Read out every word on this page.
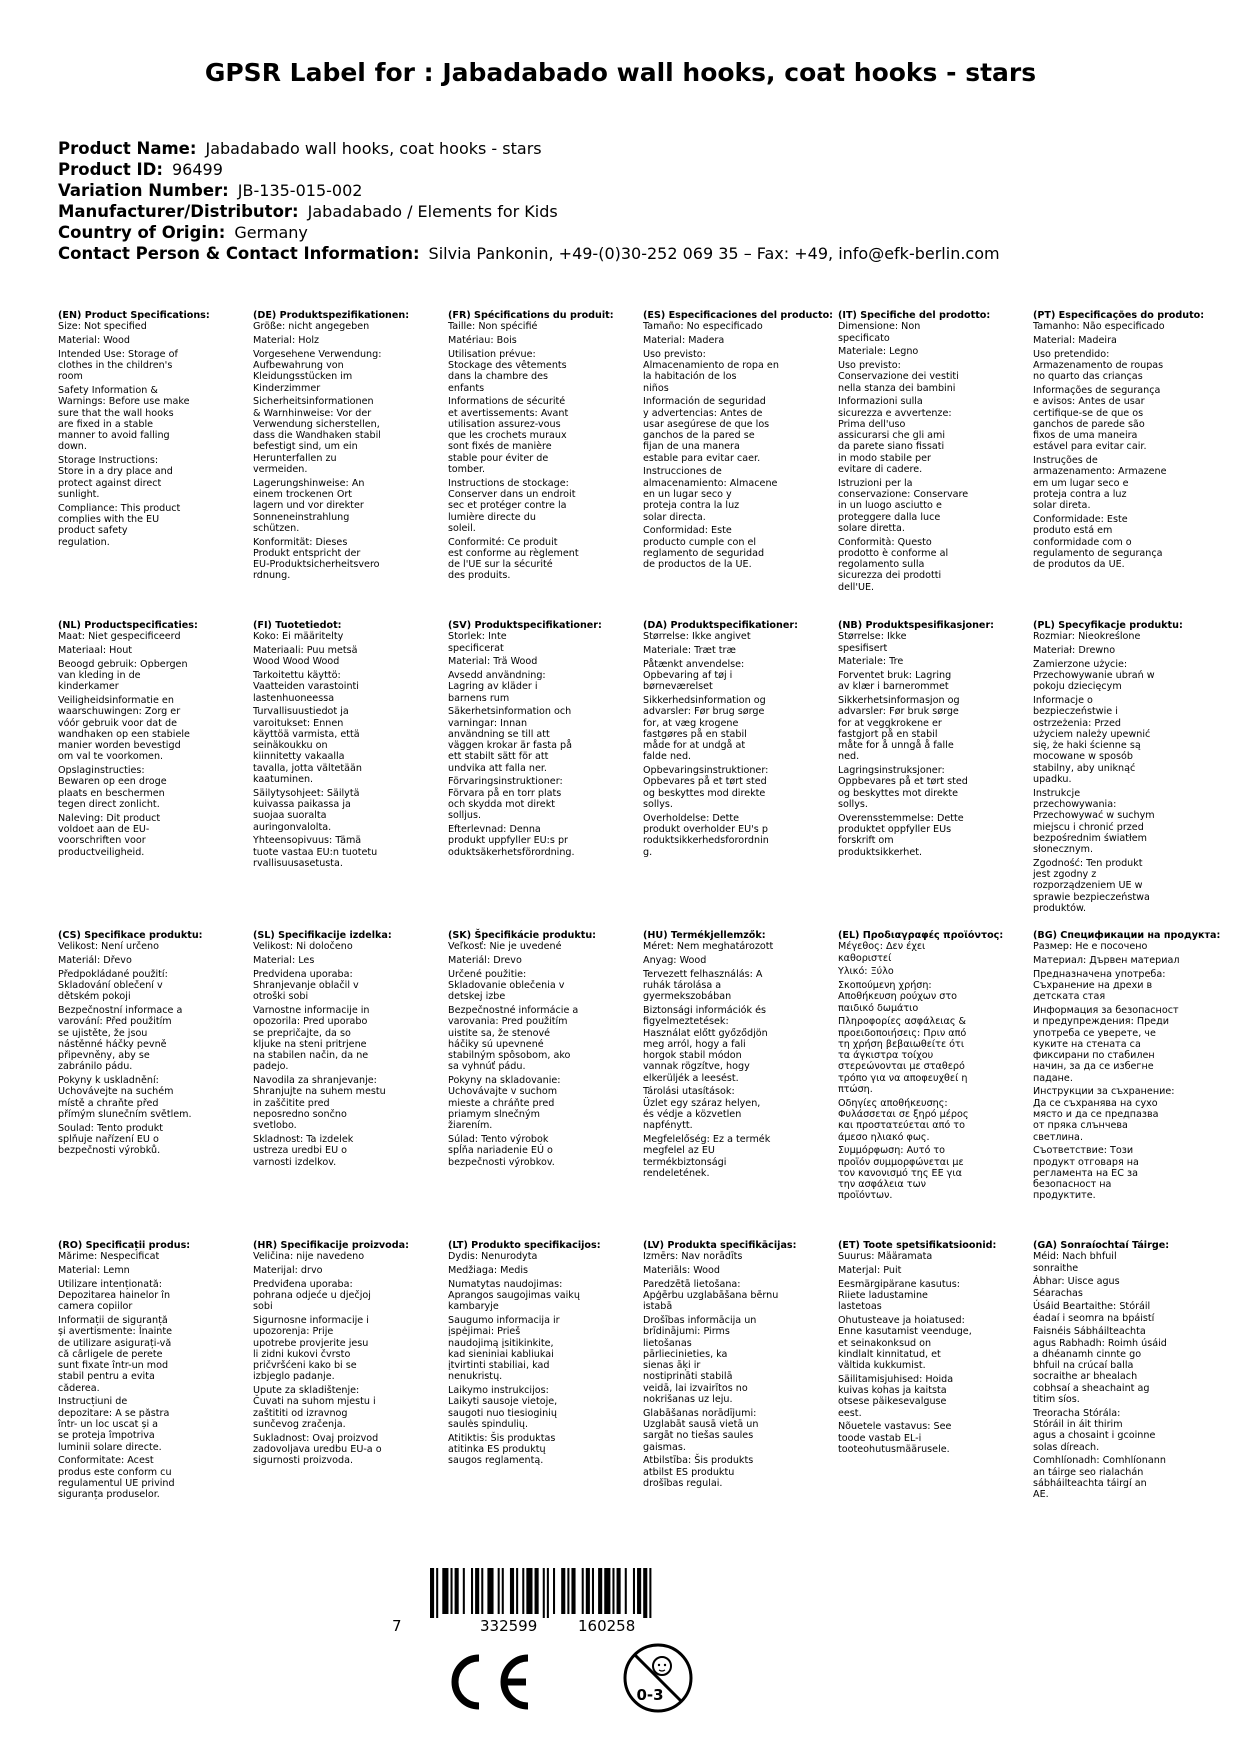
GPSR Label for : Jabadabado wall hooks, coat hooks - stars
Product Name: Jabadabado wall hooks, coat hooks - stars
Product ID: 96499
Variation Number: JB-135-015-002
Manufacturer/Distributor: Jabadabado / Elements for Kids
Country of Origin: Germany
Contact Person & Contact Information: Silvia Pankonin, +49-(0)30-252 069 35 – Fax: +49, info@efk-berlin.com
(EN) Product Specifications:
Size: Not specified
Material: Wood
Intended Use: Storage of
clothes in the children's
room
Safety Information &
Warnings: Before use make
sure that the wall hooks
are fixed in a stable
manner to avoid falling
down.
Storage Instructions:
Store in a dry place and
protect against direct
sunlight.
Compliance: This product
complies with the EU
product safety
regulation.
(DE) Produktspezifikationen:
Größe: nicht angegeben
Material: Holz
Vorgesehene Verwendung:
Aufbewahrung von
Kleidungsstücken im
Kinderzimmer
Sicherheitsinformationen
& Warnhinweise: Vor der
Verwendung sicherstellen,
dass die Wandhaken stabil
befestigt sind, um ein
Herunterfallen zu
vermeiden.
Lagerungshinweise: An
einem trockenen Ort
lagern und vor direkter
Sonneneinstrahlung
schützen.
Konformität: Dieses
Produkt entspricht der
EU-Produktsicherheitsvero
rdnung.
(FR) Spécifications du produit:
Taille: Non spécifié
Matériau: Bois
Utilisation prévue:
Stockage des vêtements
dans la chambre des
enfants
Informations de sécurité
et avertissements: Avant
utilisation assurez-vous
que les crochets muraux
sont fixés de manière
stable pour éviter de
tomber.
Instructions de stockage:
Conserver dans un endroit
sec et protéger contre la
lumière directe du
soleil.
Conformité: Ce produit
est conforme au règlement
de l'UE sur la sécurité
des produits.
(ES) Especificaciones del producto:
Tamaño: No especificado
Material: Madera
Uso previsto:
Almacenamiento de ropa en
la habitación de los
niños
Información de seguridad
y advertencias: Antes de
usar asegúrese de que los
ganchos de la pared se
fijan de una manera
estable para evitar caer.
Instrucciones de
almacenamiento: Almacene
en un lugar seco y
proteja contra la luz
solar directa.
Conformidad: Este
producto cumple con el
reglamento de seguridad
de productos de la UE.
(IT) Specifiche del prodotto:
Dimensione: Non
specificato
Materiale: Legno
Uso previsto:
Conservazione dei vestiti
nella stanza dei bambini
Informazioni sulla
sicurezza e avvertenze:
Prima dell'uso
assicurarsi che gli ami
da parete siano fissati
in modo stabile per
evitare di cadere.
Istruzioni per la
conservazione: Conservare
in un luogo asciutto e
proteggere dalla luce
solare diretta.
Conformità: Questo
prodotto è conforme al
regolamento sulla
sicurezza dei prodotti
dell'UE.
(PT) Especificações do produto:
Tamanho: Não especificado
Material: Madeira
Uso pretendido:
Armazenamento de roupas
no quarto das crianças
Informações de segurança
e avisos: Antes de usar
certifique-se de que os
ganchos de parede são
fixos de uma maneira
estável para evitar cair.
Instruções de
armazenamento: Armazene
em um lugar seco e
proteja contra a luz
solar direta.
Conformidade: Este
produto está em
conformidade com o
regulamento de segurança
de produtos da UE.
(NL) Productspecificaties:
Maat: Niet gespecificeerd
Materiaal: Hout
Beoogd gebruik: Opbergen
van kleding in de
kinderkamer
Veiligheidsinformatie en
waarschuwingen: Zorg er
vóór gebruik voor dat de
wandhaken op een stabiele
manier worden bevestigd
om val te voorkomen.
Opslaginstructies:
Bewaren op een droge
plaats en beschermen
tegen direct zonlicht.
Naleving: Dit product
voldoet aan de EU-
voorschriften voor
productveiligheid.
(FI) Tuotetiedot:
Koko: Ei määritelty
Materiaali: Puu metsä
Wood Wood Wood
Tarkoitettu käyttö:
Vaatteiden varastointi
lastenhuoneessa
Turvallisuustiedot ja
varoitukset: Ennen
käyttöä varmista, että
seinäkoukku on
kiinnitetty vakaalla
tavalla, jotta vältetään
kaatuminen.
Säilytysohjeet: Säilytä
kuivassa paikassa ja
suojaa suoralta
auringonvalolta.
Yhteensopivuus: Tämä
tuote vastaa EU:n tuotetu
rvallisuusasetusta.
(SV) Produktspecifikationer:
Storlek: Inte
specificerat
Material: Trä Wood
Avsedd användning:
Lagring av kläder i
barnens rum
Säkerhetsinformation och
varningar: Innan
användning se till att
väggen krokar är fasta på
ett stabilt sätt för att
undvika att falla ner.
Förvaringsinstruktioner:
Förvara på en torr plats
och skydda mot direkt
solljus.
Efterlevnad: Denna
produkt uppfyller EU:s pr
oduktsäkerhetsförordning.
(DA) Produktspecifikationer:
Størrelse: Ikke angivet
Materiale: Træt træ
Påtænkt anvendelse:
Opbevaring af tøj i
børneværelset
Sikkerhedsinformation og
advarsler: Før brug sørge
for, at væg krogene
fastgøres på en stabil
måde for at undgå at
falde ned.
Opbevaringsinstruktioner:
Opbevares på et tørt sted
og beskyttes mod direkte
sollys.
Overholdelse: Dette
produkt overholder EU's p
roduktsikkerhedsforordnin
g.
(NB) Produktspesifikasjoner:
Størrelse: Ikke
spesifisert
Materiale: Tre
Forventet bruk: Lagring
av klær i barnerommet
Sikkerhetsinformasjon og
advarsler: Før bruk sørge
for at veggkrokene er
fastgjort på en stabil
måte for å unngå å falle
ned.
Lagringsinstruksjoner:
Oppbevares på et tørt sted
og beskyttes mot direkte
sollys.
Overensstemmelse: Dette
produktet oppfyller EUs
forskrift om
produktsikkerhet.
(PL) Specyfikacje produktu:
Rozmiar: Nieokreślone
Materiał: Drewno
Zamierzone użycie:
Przechowywanie ubrań w
pokoju dziecięcym
Informacje o
bezpieczeństwie i
ostrzeżenia: Przed
użyciem należy upewnić
się, że haki ścienne są
mocowane w sposób
stabilny, aby uniknąć
upadku.
Instrukcje
przechowywania:
Przechowywać w suchym
miejscu i chronić przed
bezpośrednim światłem
słonecznym.
Zgodność: Ten produkt
jest zgodny z
rozporządzeniem UE w
sprawie bezpieczeństwa
produktów.
(CS) Specifikace produktu:
Velikost: Není určeno
Materiál: Dřevo
Předpokládané použití:
Skladování oblečení v
dětském pokoji
Bezpečnostní informace a
varování: Před použitím
se ujistěte, že jsou
nástěnné háčky pevně
připevněny, aby se
zabránilo pádu.
Pokyny k uskladnění:
Uchovávejte na suchém
místě a chraňte před
přímým slunečním světlem.
Soulad: Tento produkt
splňuje nařízení EU o
bezpečnosti výrobků.
(SL) Specifikacije izdelka:
Velikost: Ni določeno
Material: Les
Predvidena uporaba:
Shranjevanje oblačil v
otroški sobi
Varnostne informacije in
opozorila: Pred uporabo
se prepričajte, da so
kljuke na steni pritrjene
na stabilen način, da ne
padejo.
Navodila za shranjevanje:
Shranjujte na suhem mestu
in zaščitite pred
neposredno sončno
svetlobo.
Skladnost: Ta izdelek
ustreza uredbi EU o
varnosti izdelkov.
(SK) Špecifikácie produktu:
Veľkosť: Nie je uvedené
Materiál: Drevo
Určené použitie:
Skladovanie oblečenia v
detskej izbe
Bezpečnostné informácie a
varovania: Pred použitím
uistite sa, že stenové
háčiky sú upevnené
stabilným spôsobom, ako
sa vyhnúť pádu.
Pokyny na skladovanie:
Uchovávajte v suchom
mieste a chráňte pred
priamym slnečným
žiarením.
Súlad: Tento výrobok
spĺňa nariadenie EÚ o
bezpečnosti výrobkov.
(HU) Termékjellemzők:
Méret: Nem meghatározott
Anyag: Wood
Tervezett felhasználás: A
ruhák tárolása a
gyermekszobában
Biztonsági információk és
figyelmeztetések:
Használat előtt győződjön
meg arról, hogy a fali
horgok stabil módon
vannak rögzítve, hogy
elkerüljék a leesést.
Tárolási utasítások:
Üzlet egy száraz helyen,
és védje a közvetlen
napfénytt.
Megfelelőség: Ez a termék
megfelel az EU
termékbiztonsági
rendeletének.
(EL) Προδιαγραφές προϊόντος:
Μέγεθος: Δεν έχει
καθοριστεί
Υλικό: Ξύλο
Σκοπούμενη χρήση:
Αποθήκευση ρούχων στο
παιδικό δωμάτιο
Πληροφορίες ασφάλειας &
προειδοποιήσεις: Πριν από
τη χρήση βεβαιωθείτε ότι
τα άγκιστρα τοίχου
στερεώνονται με σταθερό
τρόπο για να αποφευχθεί η
πτώση.
Οδηγίες αποθήκευσης:
Φυλάσσεται σε ξηρό μέρος
και προστατεύεται από το
άμεσο ηλιακό φως.
Συμμόρφωση: Αυτό το
προϊόν συμμορφώνεται με
τον κανονισμό της ΕΕ για
την ασφάλεια των
προϊόντων.
(BG) Спецификации на продукта:
Размер: Не е посочено
Материал: Дървен материал
Предназначена употреба:
Съхранение на дрехи в
детската стая
Информация за безопасност
и предупреждения: Преди
употреба се уверете, че
куките на стената са
фиксирани по стабилен
начин, за да се избегне
падане.
Инструкции за съхранение:
Да се съхранява на сухо
място и да се предпазва
от пряка слънчева
светлина.
Съответствие: Този
продукт отговаря на
регламента на ЕС за
безопасност на
продуктите.
(RO) Specificații produs:
Mărime: Nespecificat
Material: Lemn
Utilizare intenționată:
Depozitarea hainelor în
camera copiilor
Informații de siguranță
și avertismente: Înainte
de utilizare asigurați-vă
că cârligele de perete
sunt fixate într-un mod
stabil pentru a evita
căderea.
Instrucțiuni de
depozitare: A se păstra
într- un loc uscat și a
se proteja împotriva
luminii solare directe.
Conformitate: Acest
produs este conform cu
regulamentul UE privind
siguranța produselor.
(HR) Specifikacije proizvoda:
Veličina: nije navedeno
Materijal: drvo
Predviđena uporaba:
pohrana odjeće u dječjoj
sobi
Sigurnosne informacije i
upozorenja: Prije
upotrebe provjerite jesu
li zidni kukovi čvrsto
pričvršćeni kako bi se
izbjeglo padanje.
Upute za skladištenje:
Čuvati na suhom mjestu i
zaštititi od izravnog
sunčevog zračenja.
Sukladnost: Ovaj proizvod
zadovoljava uredbu EU-a o
sigurnosti proizvoda.
(LT) Produkto specifikacijos:
Dydis: Nenurodyta
Medžiaga: Medis
Numatytas naudojimas:
Aprangos saugojimas vaikų
kambaryje
Saugumo informacija ir
įspėjimai: Prieš
naudojimą įsitikinkite,
kad sieniniai kabliukai
įtvirtinti stabiliai, kad
nenukristų.
Laikymo instrukcijos:
Laikyti sausoje vietoje,
saugoti nuo tiesioginių
saulės spindulių.
Atitiktis: Šis produktas
atitinka ES produktų
saugos reglamentą.
(LV) Produkta specifikācijas:
Izmērs: Nav norādīts
Materiāls: Wood
Paredzētā lietošana:
Apģērbu uzglabāšana bērnu
istabā
Drošības informācija un
brīdinājumi: Pirms
lietošanas
pārliecinieties, ka
sienas āķi ir
nostiprināti stabilā
veidā, lai izvairītos no
nokrišanas uz leju.
Glabāšanas norādījumi:
Uzglabāt sausā vietā un
sargāt no tiešas saules
gaismas.
Atbilstība: Šis produkts
atbilst ES produktu
drošības regulai.
(ET) Toote spetsifikatsioonid:
Suurus: Määramata
Materjal: Puit
Eesmärgipärane kasutus:
Riiete ladustamine
lastetoas
Ohutusteave ja hoiatused:
Enne kasutamist veenduge,
et seinakonksud on
kindlalt kinnitatud, et
vältida kukkumist.
Säilitamisjuhised: Hoida
kuivas kohas ja kaitsta
otsese päikesevalguse
eest.
Nõuetele vastavus: See
toode vastab EL-i
tooteohutusmäärusele.
(GA) Sonraíochtaí Táirge:
Méid: Nach bhfuil
sonraithe
Ábhar: Uisce agus
Séarachas
Úsáid Beartaithe: Stóráil
éadaí i seomra na bpáistí
Faisnéis Sábháilteachta
agus Rabhadh: Roimh úsáid
a dhéanamh cinnte go
bhfuil na crúcaí balla
socraithe ar bhealach
cobhsaí a sheachaint ag
titim síos.
Treoracha Stórála:
Stóráil in áit thirim
agus a chosaint i gcoinne
solas díreach.
Comhlíonadh: Comhlíonann
an táirge seo rialachán
sábháilteachta táirgí an
AE.
7	332599	160258
0-3
